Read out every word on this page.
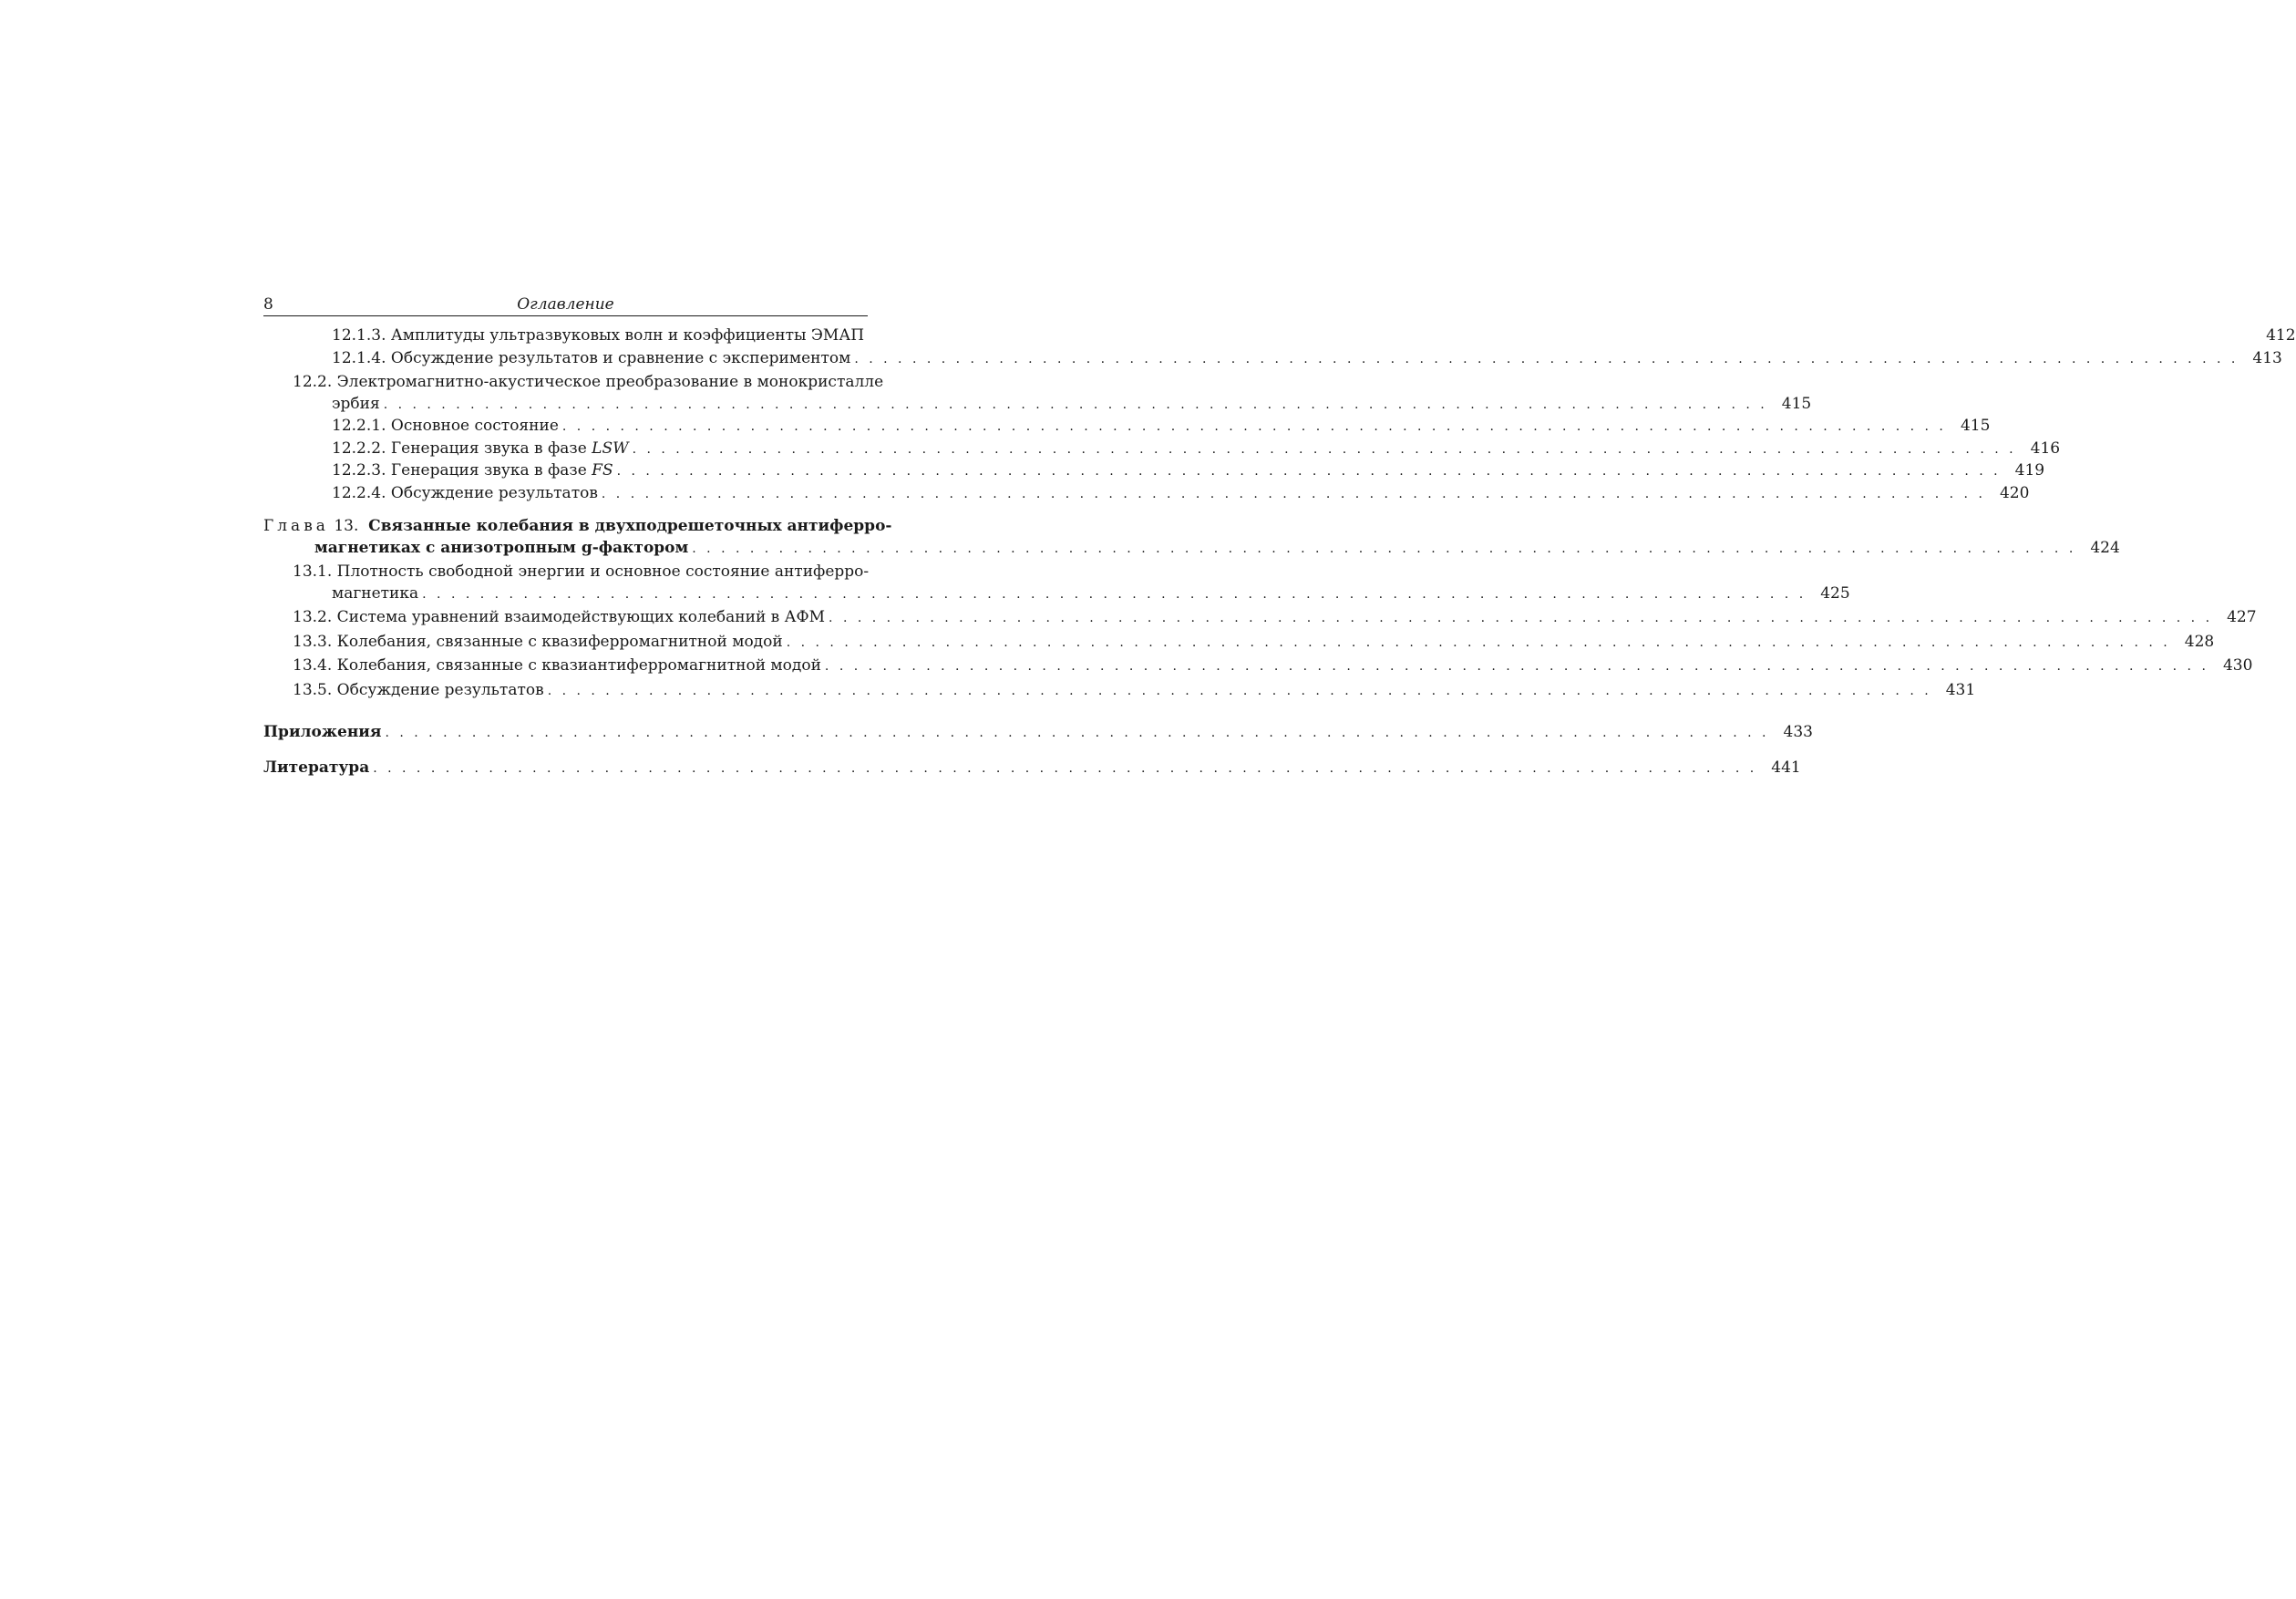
8	Оглавление
12.1.3.
Амплитуды ультразвуковых волн и коэффициенты ЭМАП	412
12.1.4.
Обсуждение результатов и сравнение с экспериментом . . .	413
12.2.
Электромагнитно-акустическое преобразование в монокристалле
эрбия . . .	415
12.2.1.
Основное состояние . . .	415
12.2.2.
Генерация звука в фазе LSW . . .	416
12.2.3.
Генерация звука в фазе FS . . .	419
12.2.4.
Обсуждение результатов . . .	420
Глава
13.
Связанные колебания в двухподрешеточных антиферро-
магнетиках с анизотропным g-фактором . . .	424
13.1.
Плотность свободной энергии и основное состояние антиферро-
магнетика . . .	425
13.2.
Система уравнений взаимодействующих колебаний в АФМ . . .	427
13.3.
Колебания, связанные с квазиферромагнитной модой . . .	428
13.4.
Колебания, связанные с квазиантиферромагнитной модой . . .	430
13.5.
Обсуждение результатов . . .	431
Приложения . . .	433
Литература . . .	441
